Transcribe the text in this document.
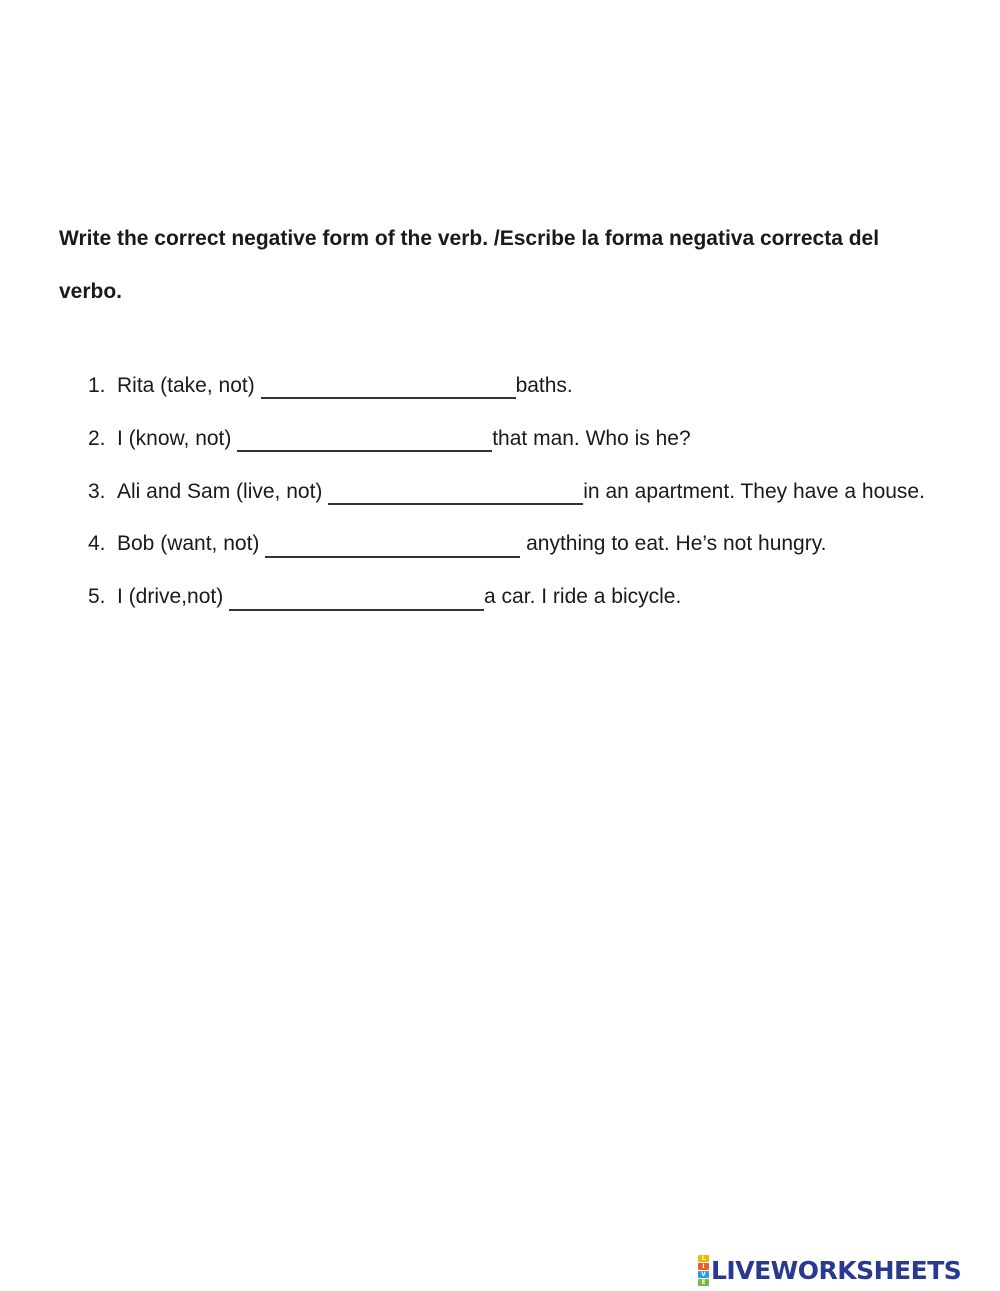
Write the correct negative form of the verb. /Escribe la forma negativa correcta del verbo.

1. Rita (take, not)	baths.
2. I (know, not)	that man. Who is he?
3. Ali and Sam (live, not)	in an apartment. They have a house.
4. Bob (want, not)	anything to eat. He’s not hungry.
5. I (drive,not)	a car. I ride a bicycle.
L
I
V
E LIVEWORKSHEETS
